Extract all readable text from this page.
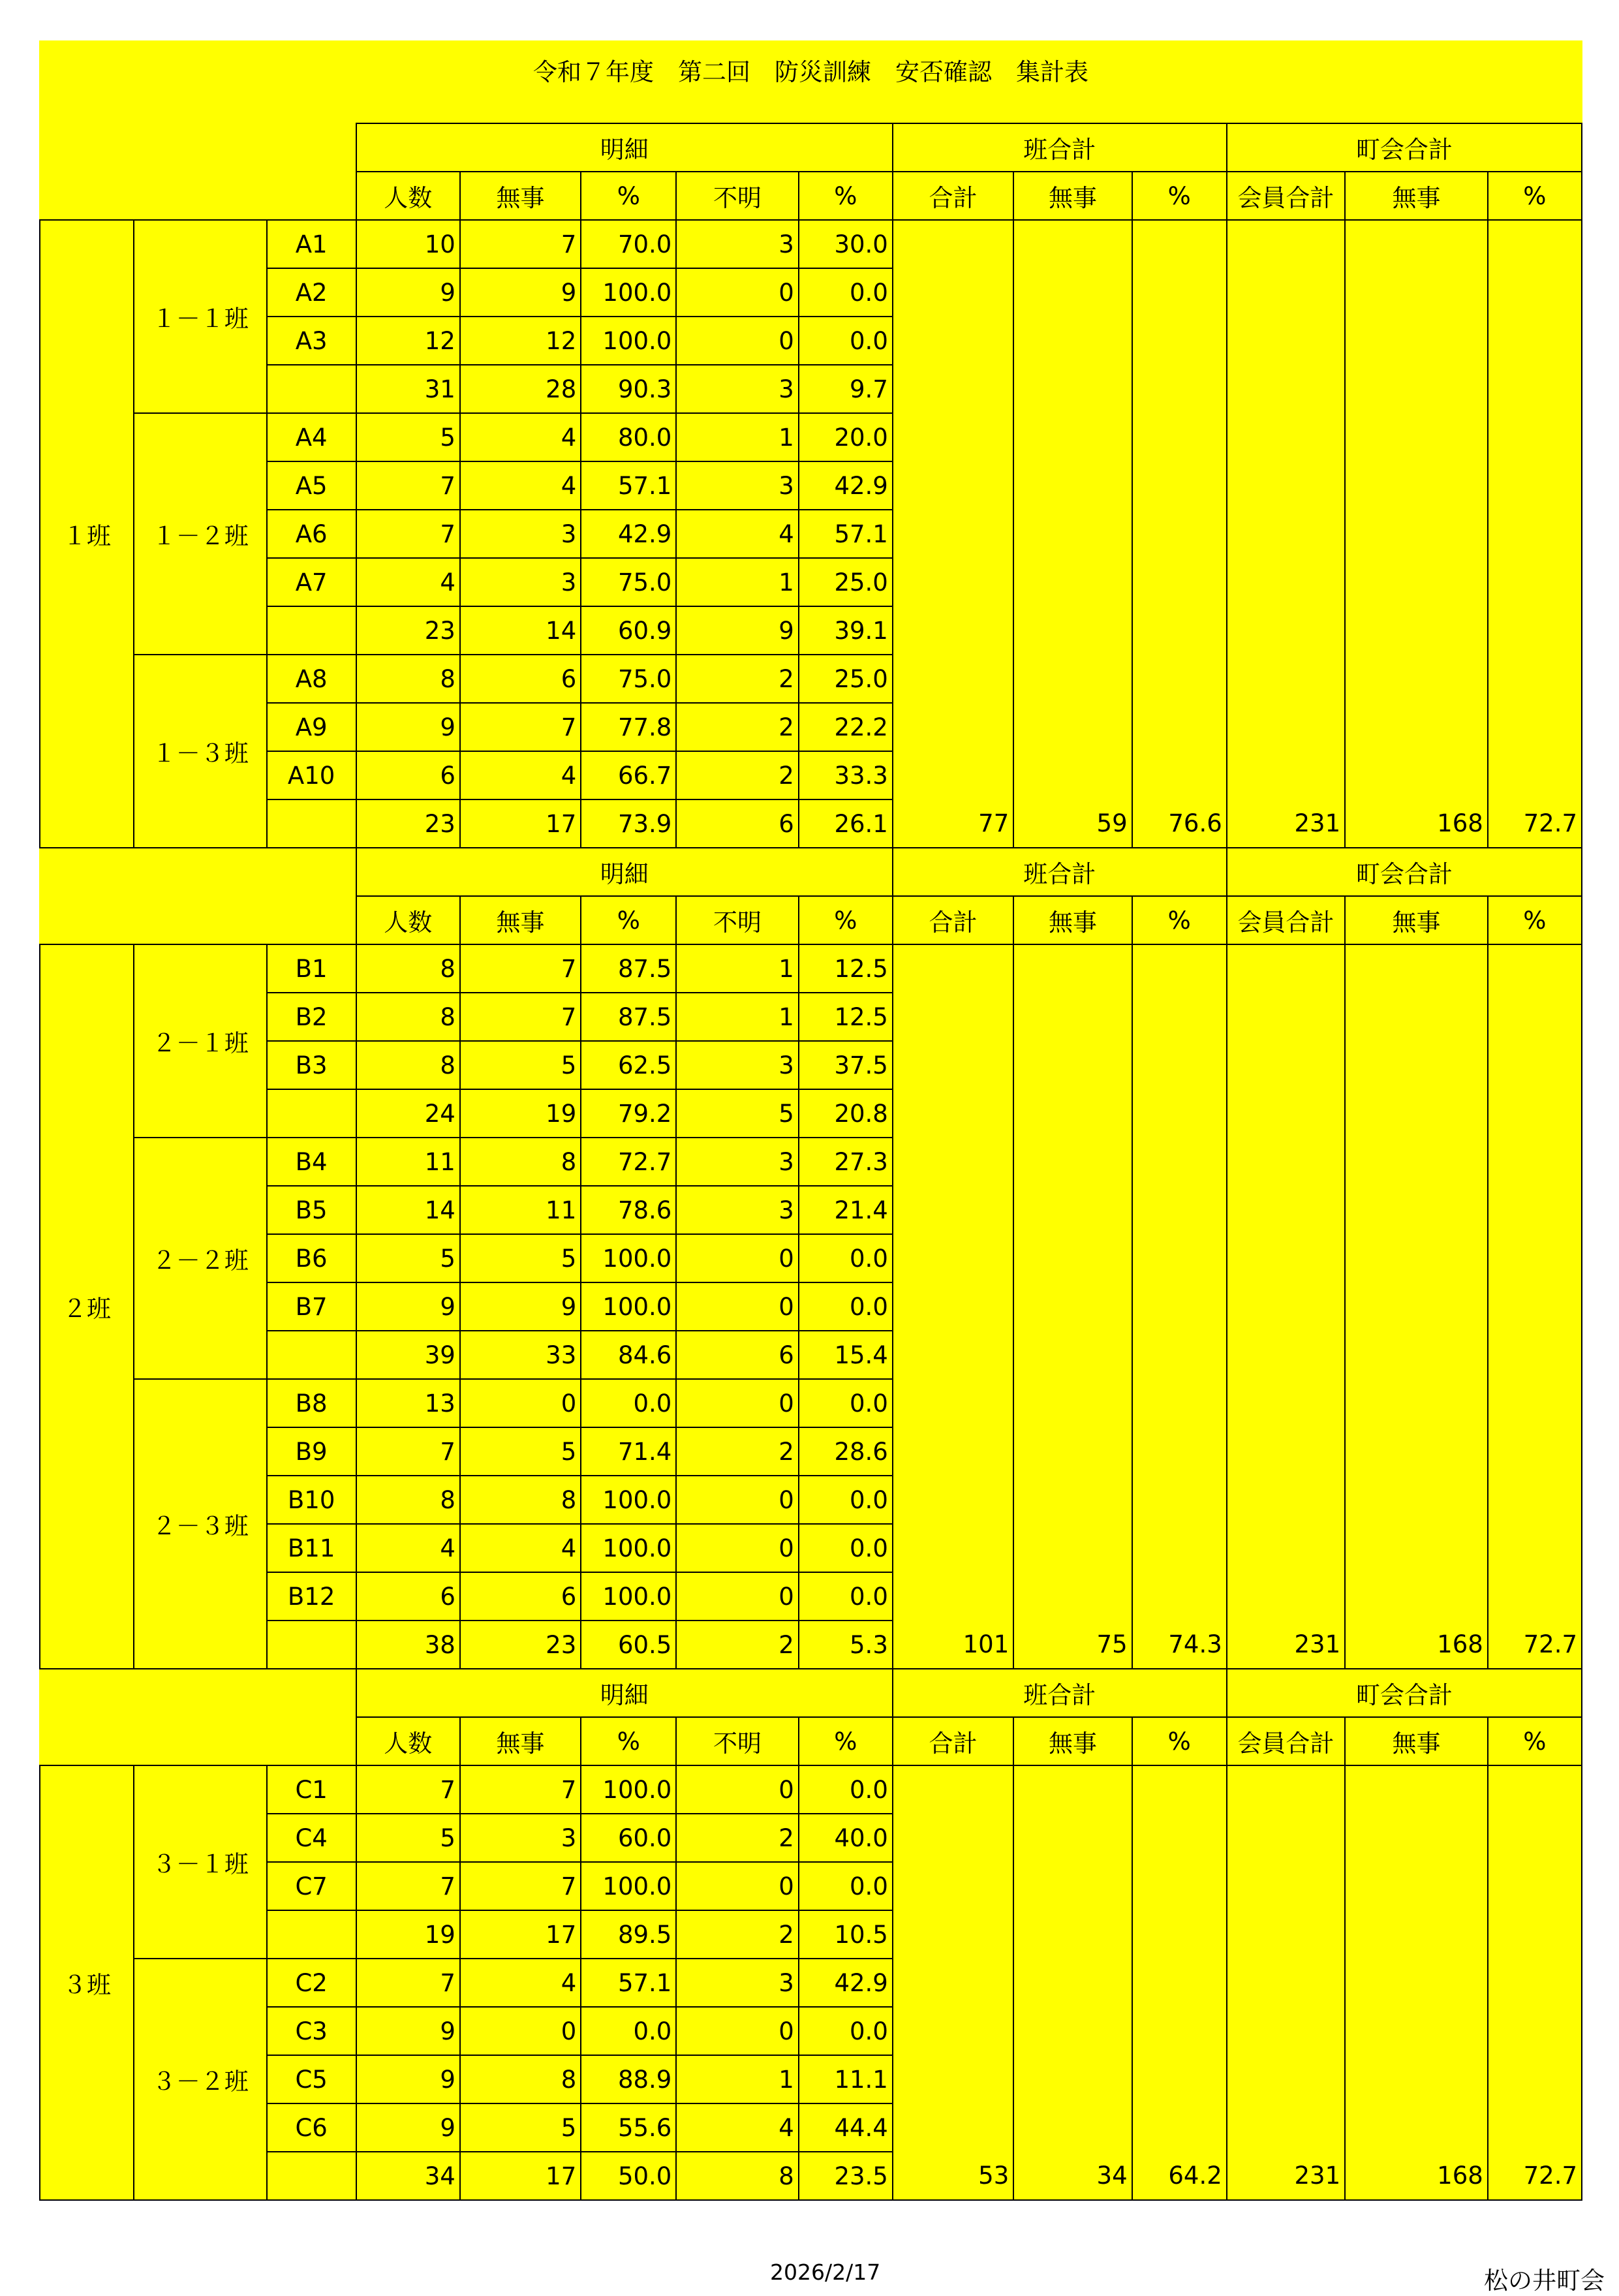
令和７年度　第二回　防災訓練　安否確認　集計表
			明細					班合計			町会合計		
			人数	無事	%	不明	%	合計	無事	%	会員合計	無事	%
１班	１－１班	A1	10	7	70.0	3	30.0						
		A2	9	9	100.0	0	0.0						
		A3	12	12	100.0	0	0.0						
			31	28	90.3	3	9.7						
	１－２班	A4	5	4	80.0	1	20.0						
		A5	7	4	57.1	3	42.9						
		A6	7	3	42.9	4	57.1						
		A7	4	3	75.0	1	25.0						
			23	14	60.9	9	39.1						
	１－３班	A8	8	6	75.0	2	25.0						
		A9	9	7	77.8	2	22.2						
		A10	6	4	66.7	2	33.3						
			23	17	73.9	6	26.1	77	59	76.6	231	168	72.7
			明細					班合計			町会合計		
			人数	無事	%	不明	%	合計	無事	%	会員合計	無事	%
２班	２－１班	B1	8	7	87.5	1	12.5						
		B2	8	7	87.5	1	12.5						
		B3	8	5	62.5	3	37.5						
			24	19	79.2	5	20.8						
	２－２班	B4	11	8	72.7	3	27.3						
		B5	14	11	78.6	3	21.4						
		B6	5	5	100.0	0	0.0						
		B7	9	9	100.0	0	0.0						
			39	33	84.6	6	15.4						
	２－３班	B8	13	0	0.0	0	0.0						
		B9	7	5	71.4	2	28.6						
		B10	8	8	100.0	0	0.0						
		B11	4	4	100.0	0	0.0						
		B12	6	6	100.0	0	0.0						
			38	23	60.5	2	5.3	101	75	74.3	231	168	72.7
			明細					班合計			町会合計		
			人数	無事	%	不明	%	合計	無事	%	会員合計	無事	%
３班	３－１班	C1	7	7	100.0	0	0.0						
		C4	5	3	60.0	2	40.0						
		C7	7	7	100.0	0	0.0						
			19	17	89.5	2	10.5						
	３－２班	C2	7	4	57.1	3	42.9						
		C3	9	0	0.0	0	0.0						
		C5	9	8	88.9	1	11.1						
		C6	9	5	55.6	4	44.4						
			34	17	50.0	8	23.5	53	34	64.2	231	168	72.7
2026/2/17	松の井町会
